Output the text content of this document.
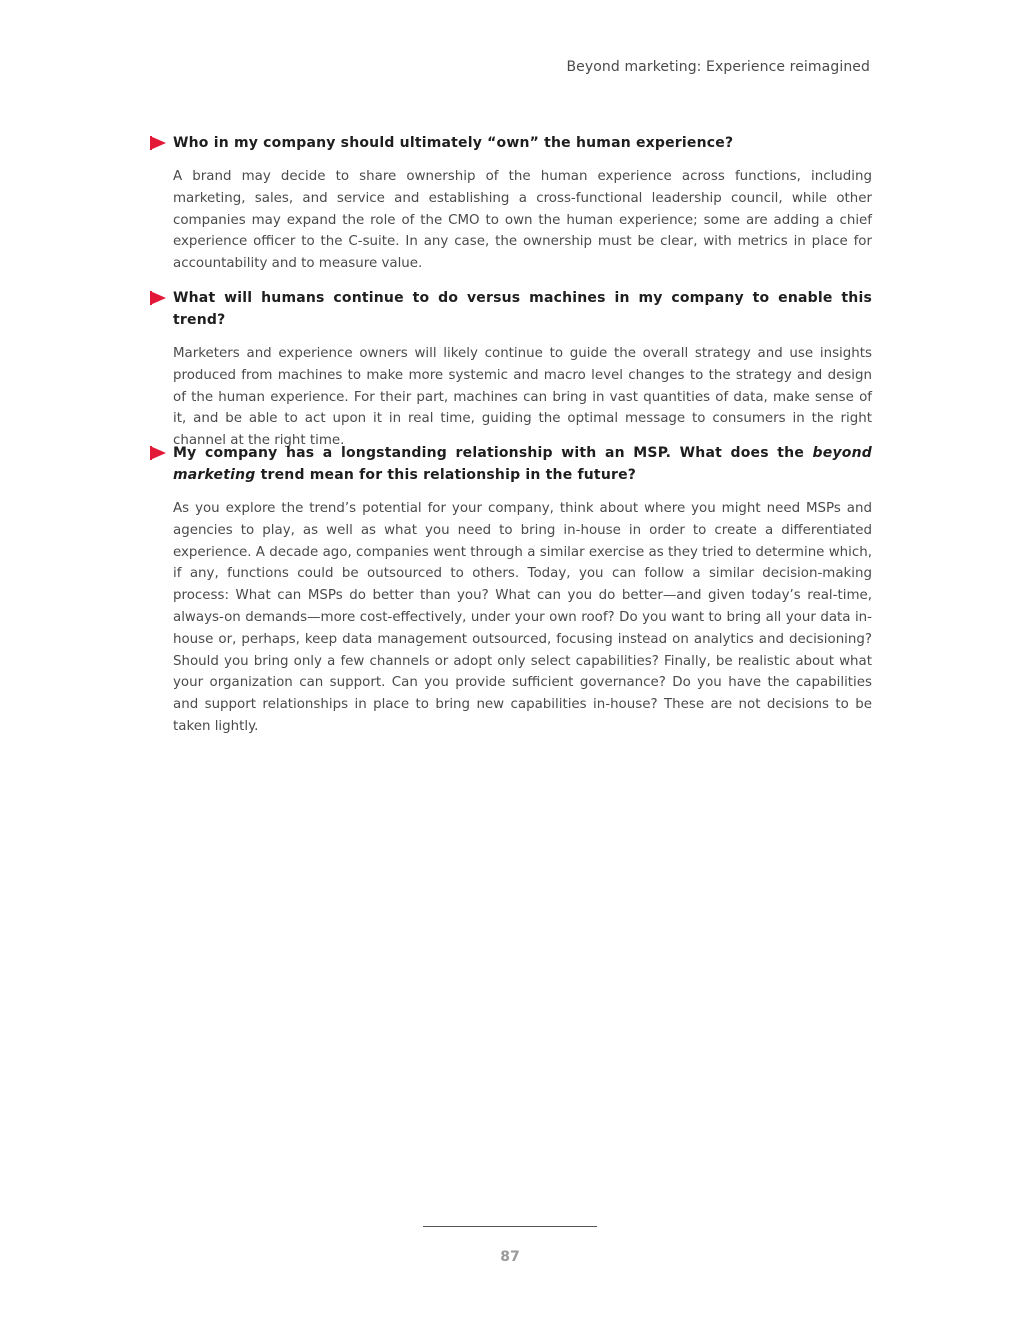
Beyond marketing: Experience reimagined
Who in my company should ultimately “own” the human experience?
A brand may decide to share ownership of the human experience across functions, including marketing, sales, and service and establishing a cross-functional leadership council, while other companies may expand the role of the CMO to own the human experience; some are adding a chief experience officer to the C-suite. In any case, the ownership must be clear, with metrics in place for accountability and to measure value.
What will humans continue to do versus machines in my company to enable this trend?
Marketers and experience owners will likely continue to guide the overall strategy and use insights produced from machines to make more systemic and macro level changes to the strategy and design of the human experience. For their part, machines can bring in vast quantities of data, make sense of it, and be able to act upon it in real time, guiding the optimal message to consumers in the right channel at the right time.
My company has a longstanding relationship with an MSP. What does the beyond marketing trend mean for this relationship in the future?
As you explore the trend’s potential for your company, think about where you might need MSPs and agencies to play, as well as what you need to bring in-house in order to create a differentiated experience. A decade ago, companies went through a similar exercise as they tried to determine which, if any, functions could be outsourced to others. Today, you can follow a similar decision-making process: What can MSPs do better than you? What can you do better—and given today’s real-time, always-on demands—more cost-effectively, under your own roof? Do you want to bring all your data in-house or, perhaps, keep data management outsourced, focusing instead on analytics and decisioning? Should you bring only a few channels or adopt only select capabilities? Finally, be realistic about what your organization can support. Can you provide sufficient governance? Do you have the capabilities and support relationships in place to bring new capabilities in-house? These are not decisions to be taken lightly.
87
